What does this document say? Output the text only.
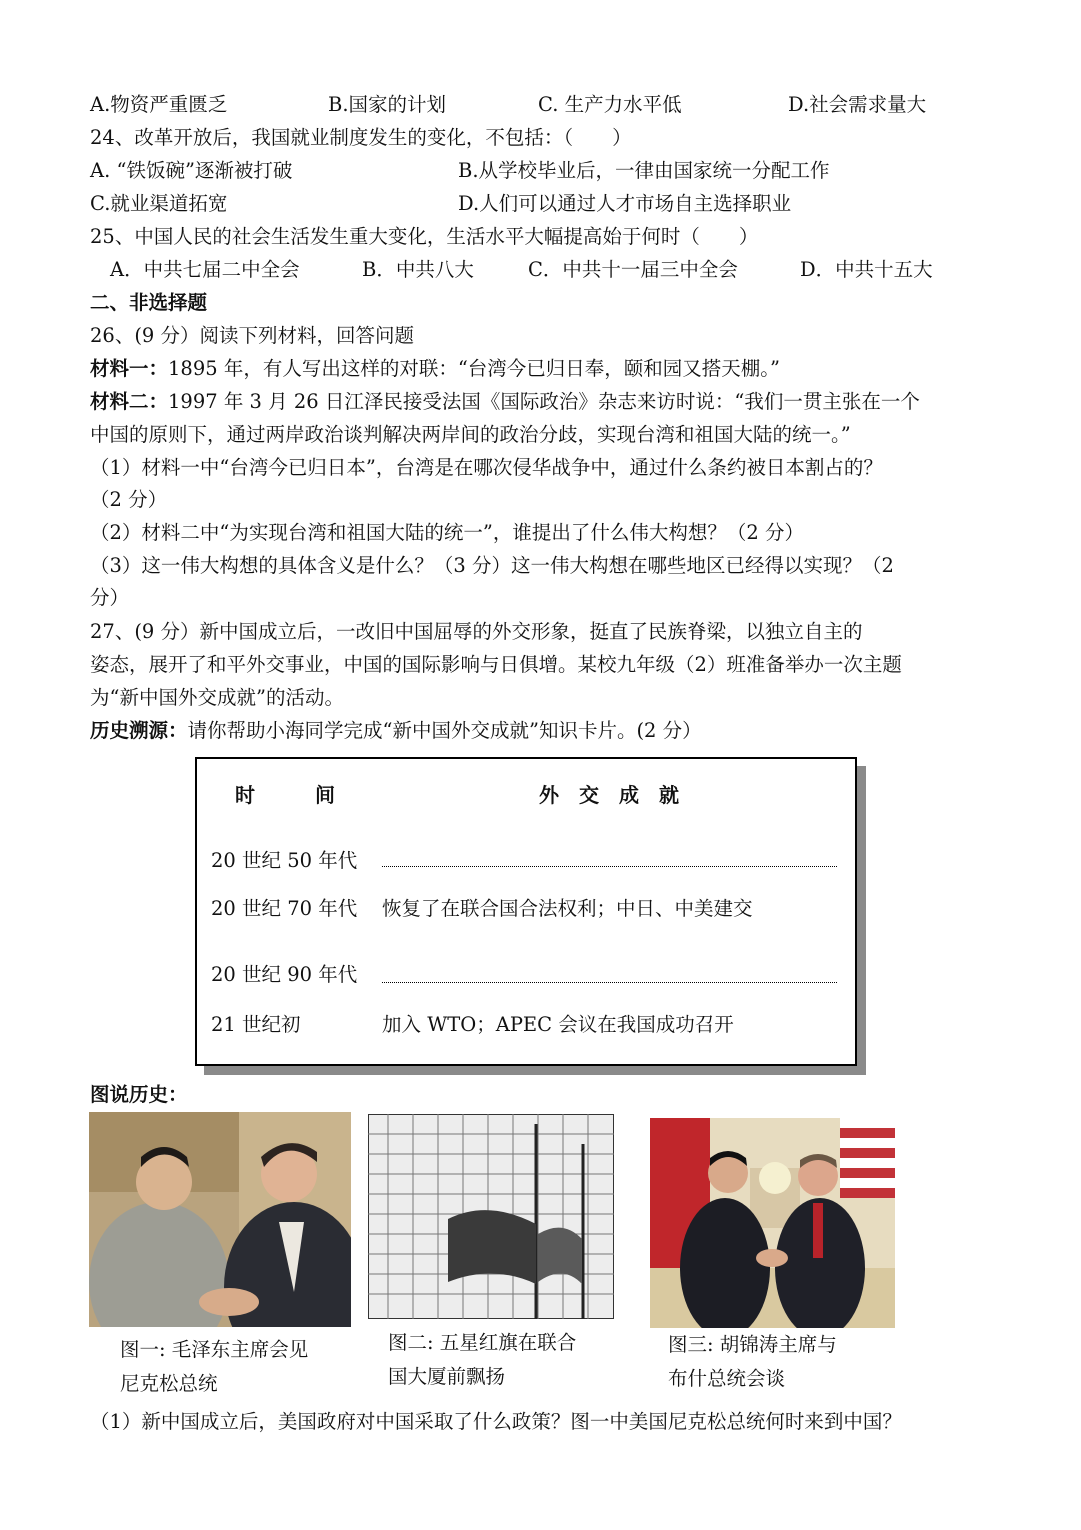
A.物资严重匮乏	B.国家的计划	C. 生产力水平低	D.社会需求量大
24、改革开放后，我国就业制度发生的变化，不包括：（　　）
A. “铁饭碗”逐渐被打破	B.从学校毕业后，一律由国家统一分配工作
C.就业渠道拓宽	D.人们可以通过人才市场自主选择职业
25、中国人民的社会生活发生重大变化，生活水平大幅提高始于何时（　　）
A．中共七届二中全会	B．中共八大	C．中共十一届三中全会	D．中共十五大
二、非选择题
26、(9 分）阅读下列材料，回答问题
材料一：1895 年，有人写出这样的对联：“台湾今已归日奉，颐和园又搭天棚。”
材料二：1997 年 3 月 26 日江泽民接受法国《国际政治》杂志来访时说：“我们一贯主张在一个
中国的原则下，通过两岸政治谈判解决两岸间的政治分歧，实现台湾和祖国大陆的统一。”
（1）材料一中“台湾今已归日本”，台湾是在哪次侵华战争中，通过什么条约被日本割占的？
（2 分）
（2）材料二中“为实现台湾和祖国大陆的统一”，谁提出了什么伟大构想？（2 分）
（3）这一伟大构想的具体含义是什么？（3 分）这一伟大构想在哪些地区已经得以实现？（2
分）
27、(9 分）新中国成立后，一改旧中国屈辱的外交形象，挺直了民族脊梁，以独立自主的
姿态，展开了和平外交事业，中国的国际影响与日俱增。某校九年级（2）班准备举办一次主题
为“新中国外交成就”的活动。
历史溯源：请你帮助小海同学完成“新中国外交成就”知识卡片。(2 分）
时　　　间	外　交　成　就
20 世纪 50 年代
20 世纪 70 年代 恢复了在联合国合法权利；中日、中美建交
20 世纪 90 年代
21 世纪初	加入 WTO；APEC 会议在我国成功召开
图说历史：
图一: 毛泽东主席会见
尼克松总统
图二: 五星红旗在联合
国大厦前飘扬
图三: 胡锦涛主席与
布什总统会谈
（1）新中国成立后，美国政府对中国采取了什么政策？图一中美国尼克松总统何时来到中国？
